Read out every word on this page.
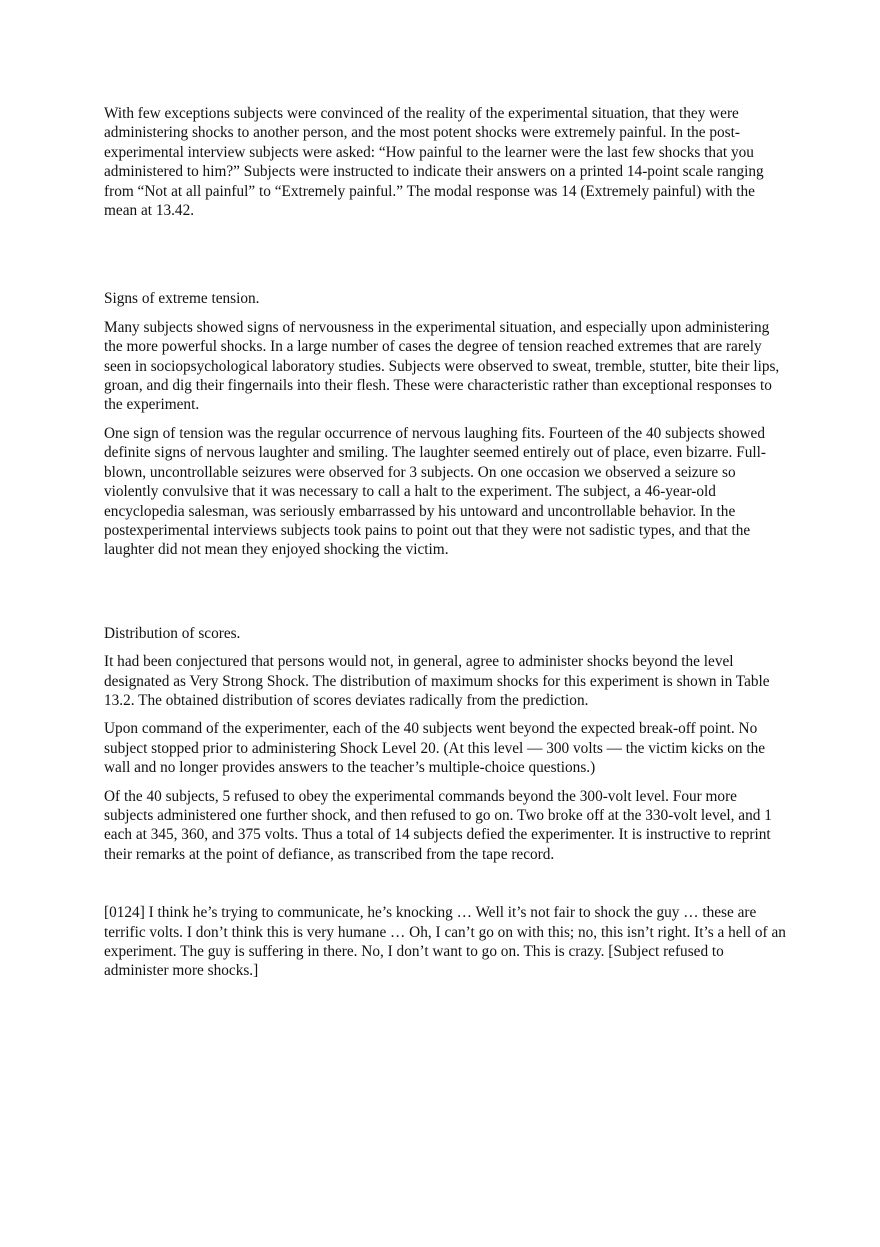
With few exceptions subjects were convinced of the reality of the experimental situation, that they were administering shocks to another person, and the most potent shocks were extremely painful. In the post-experimental interview subjects were asked: “How painful to the learner were the last few shocks that you administered to him?” Subjects were instructed to indicate their answers on a printed 14-point scale ranging from “Not at all painful” to “Extremely painful.” The modal response was 14 (Extremely painful) with the mean at 13.42.

Signs of extreme tension.

Many subjects showed signs of nervousness in the experimental situation, and especially upon administering the more powerful shocks. In a large number of cases the degree of tension reached extremes that are rarely seen in sociopsychological laboratory studies. Subjects were observed to sweat, tremble, stutter, bite their lips, groan, and dig their fingernails into their flesh. These were characteristic rather than exceptional responses to the experiment.

One sign of tension was the regular occurrence of nervous laughing fits. Fourteen of the 40 subjects showed definite signs of nervous laughter and smiling. The laughter seemed entirely out of place, even bizarre. Full-blown, uncontrollable seizures were observed for 3 subjects. On one occasion we observed a seizure so violently convulsive that it was necessary to call a halt to the experiment. The subject, a 46-year-old encyclopedia salesman, was seriously embarrassed by his untoward and uncontrollable behavior. In the postexperimental interviews subjects took pains to point out that they were not sadistic types, and that the laughter did not mean they enjoyed shocking the victim.

Distribution of scores.

It had been conjectured that persons would not, in general, agree to administer shocks beyond the level designated as Very Strong Shock. The distribution of maximum shocks for this experiment is shown in Table 13.2. The obtained distribution of scores deviates radically from the prediction.

Upon command of the experimenter, each of the 40 subjects went beyond the expected break-off point. No subject stopped prior to administering Shock Level 20. (At this level — 300 volts — the victim kicks on the wall and no longer provides answers to the teacher’s multiple-choice questions.)

Of the 40 subjects, 5 refused to obey the experimental commands beyond the 300-volt level. Four more subjects administered one further shock, and then refused to go on. Two broke off at the 330-volt level, and 1 each at 345, 360, and 375 volts. Thus a total of 14 subjects defied the experimenter. It is instructive to reprint their remarks at the point of defiance, as transcribed from the tape record.

[0124] I think he’s trying to communicate, he’s knocking … Well it’s not fair to shock the guy … these are terrific volts. I don’t think this is very humane … Oh, I can’t go on with this; no, this isn’t right. It’s a hell of an experiment. The guy is suffering in there. No, I don’t want to go on. This is crazy. [Subject refused to administer more shocks.]
